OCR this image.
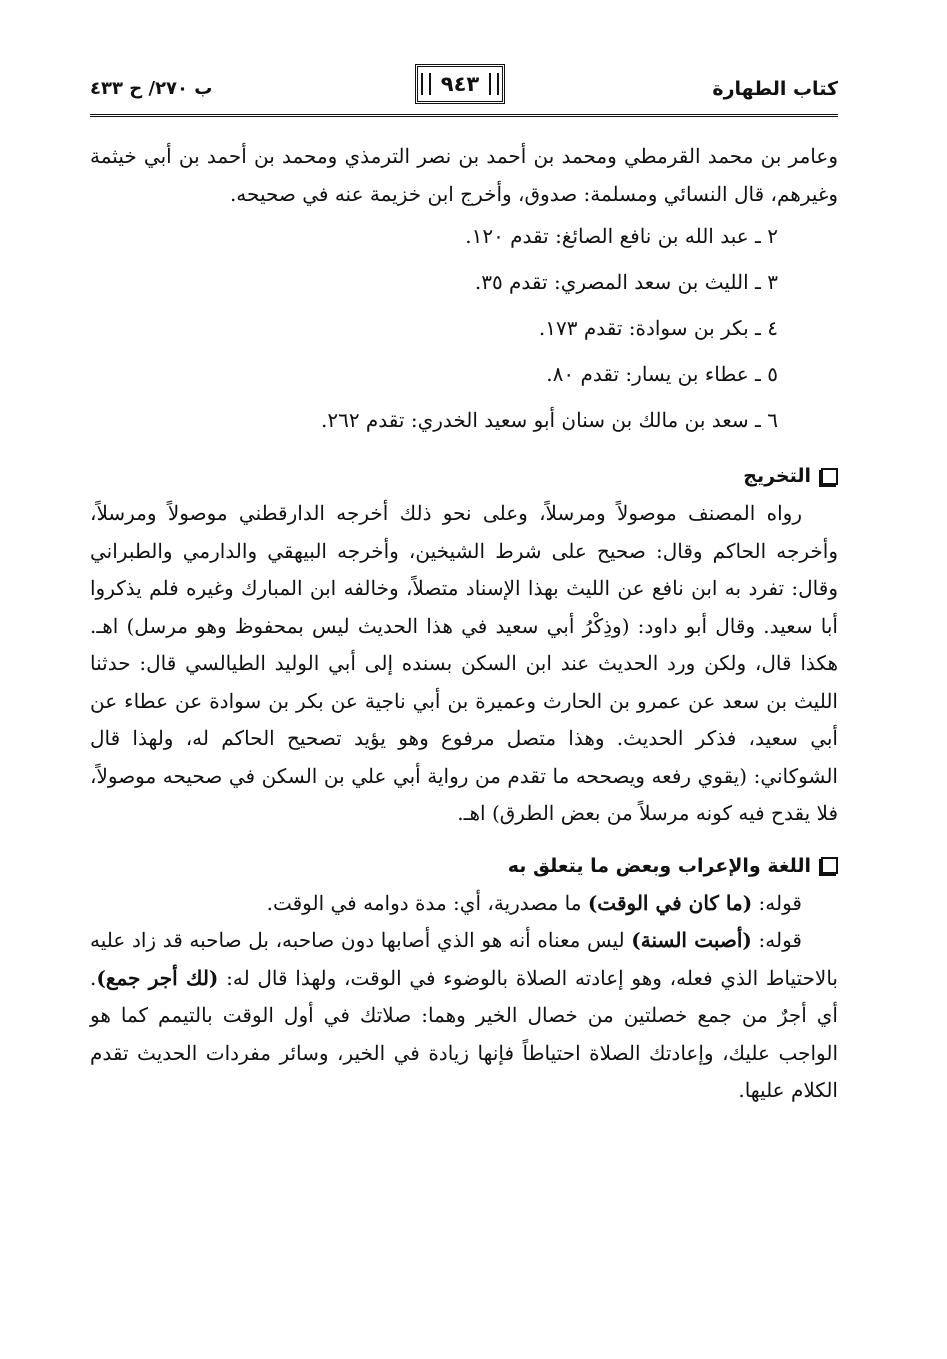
كتاب الطهارة
٩٤٣
ب ٢٧٠/ ح ٤٣٣

وعامر بن محمد القرمطي ومحمد بن أحمد بن نصر الترمذي ومحمد بن أحمد بن أبي خيثمة وغيرهم، قال النسائي ومسلمة: صدوق، وأخرج ابن خزيمة عنه في صحيحه.

٢ ـ عبد الله بن نافع الصائغ: تقدم ١٢٠.
٣ ـ الليث بن سعد المصري: تقدم ٣٥.
٤ ـ بكر بن سوادة: تقدم ١٧٣.
٥ ـ عطاء بن يسار: تقدم ٨٠.
٦ ـ سعد بن مالك بن سنان أبو سعيد الخدري: تقدم ٢٦٢.
التخريج

رواه المصنف موصولاً ومرسلاً، وعلى نحو ذلك أخرجه الدارقطني موصولاً ومرسلاً، وأخرجه الحاكم وقال: صحيح على شرط الشيخين، وأخرجه البيهقي والدارمي والطبراني وقال: تفرد به ابن نافع عن الليث بهذا الإسناد متصلاً، وخالفه ابن المبارك وغيره فلم يذكروا أبا سعيد. وقال أبو داود: (وذِكْرُ أبي سعيد في هذا الحديث ليس بمحفوظ وهو مرسل) اهـ. هكذا قال، ولكن ورد الحديث عند ابن السكن بسنده إلى أبي الوليد الطيالسي قال: حدثنا الليث بن سعد عن عمرو بن الحارث وعميرة بن أبي ناجية عن بكر بن سوادة عن عطاء عن أبي سعيد، فذكر الحديث. وهذا متصل مرفوع وهو يؤيد تصحيح الحاكم له، ولهذا قال الشوكاني: (يقوي رفعه ويصححه ما تقدم من رواية أبي علي بن السكن في صحيحه موصولاً، فلا يقدح فيه كونه مرسلاً من بعض الطرق) اهـ.

اللغة والإعراب وبعض ما يتعلق به

قوله: (ما كان في الوقت) ما مصدرية، أي: مدة دوامه في الوقت.

قوله: (أصبت السنة) ليس معناه أنه هو الذي أصابها دون صاحبه، بل صاحبه قد زاد عليه بالاحتياط الذي فعله، وهو إعادته الصلاة بالوضوء في الوقت، ولهذا قال له: (لك أجر جمع). أي أجرٌ من جمع خصلتين من خصال الخير وهما: صلاتك في أول الوقت بالتيمم كما هو الواجب عليك، وإعادتك الصلاة احتياطاً فإنها زيادة في الخير، وسائر مفردات الحديث تقدم الكلام عليها.
